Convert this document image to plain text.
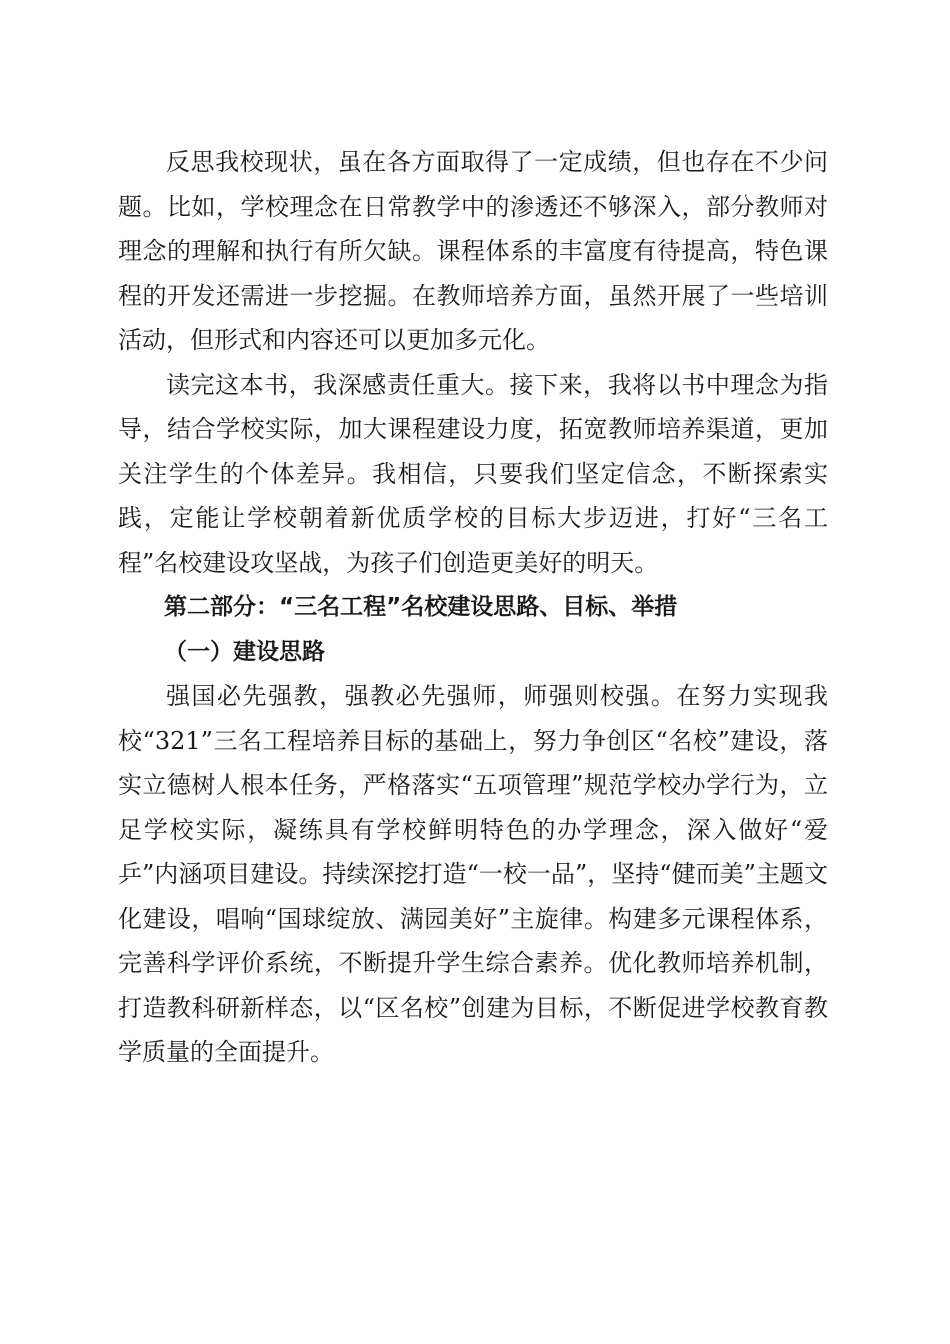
反思我校现状，虽在各方面取得了一定成绩，但也存在不少问题。比如，学校理念在日常教学中的渗透还不够深入，部分教师对理念的理解和执行有所欠缺。课程体系的丰富度有待提高，特色课程的开发还需进一步挖掘。在教师培养方面，虽然开展了一些培训活动，但形式和内容还可以更加多元化。

读完这本书，我深感责任重大。接下来，我将以书中理念为指导，结合学校实际，加大课程建设力度，拓宽教师培养渠道，更加关注学生的个体差异。我相信，只要我们坚定信念，不断探索实践，定能让学校朝着新优质学校的目标大步迈进，打好“三名工程”名校建设攻坚战，为孩子们创造更美好的明天。

第二部分：“三名工程”名校建设思路、目标、举措

（一）建设思路

强国必先强教，强教必先强师，师强则校强。在努力实现我校“321”三名工程培养目标的基础上，努力争创区“名校”建设，落实立德树人根本任务，严格落实“五项管理”规范学校办学行为，立足学校实际，凝练具有学校鲜明特色的办学理念，深入做好“爱乒”内涵项目建设。持续深挖打造“一校一品”，坚持“健而美”主题文化建设，唱响“国球绽放、满园美好”主旋律。构建多元课程体系，完善科学评价系统，不断提升学生综合素养。优化教师培养机制，打造教科研新样态，以“区名校”创建为目标，不断促进学校教育教学质量的全面提升。
